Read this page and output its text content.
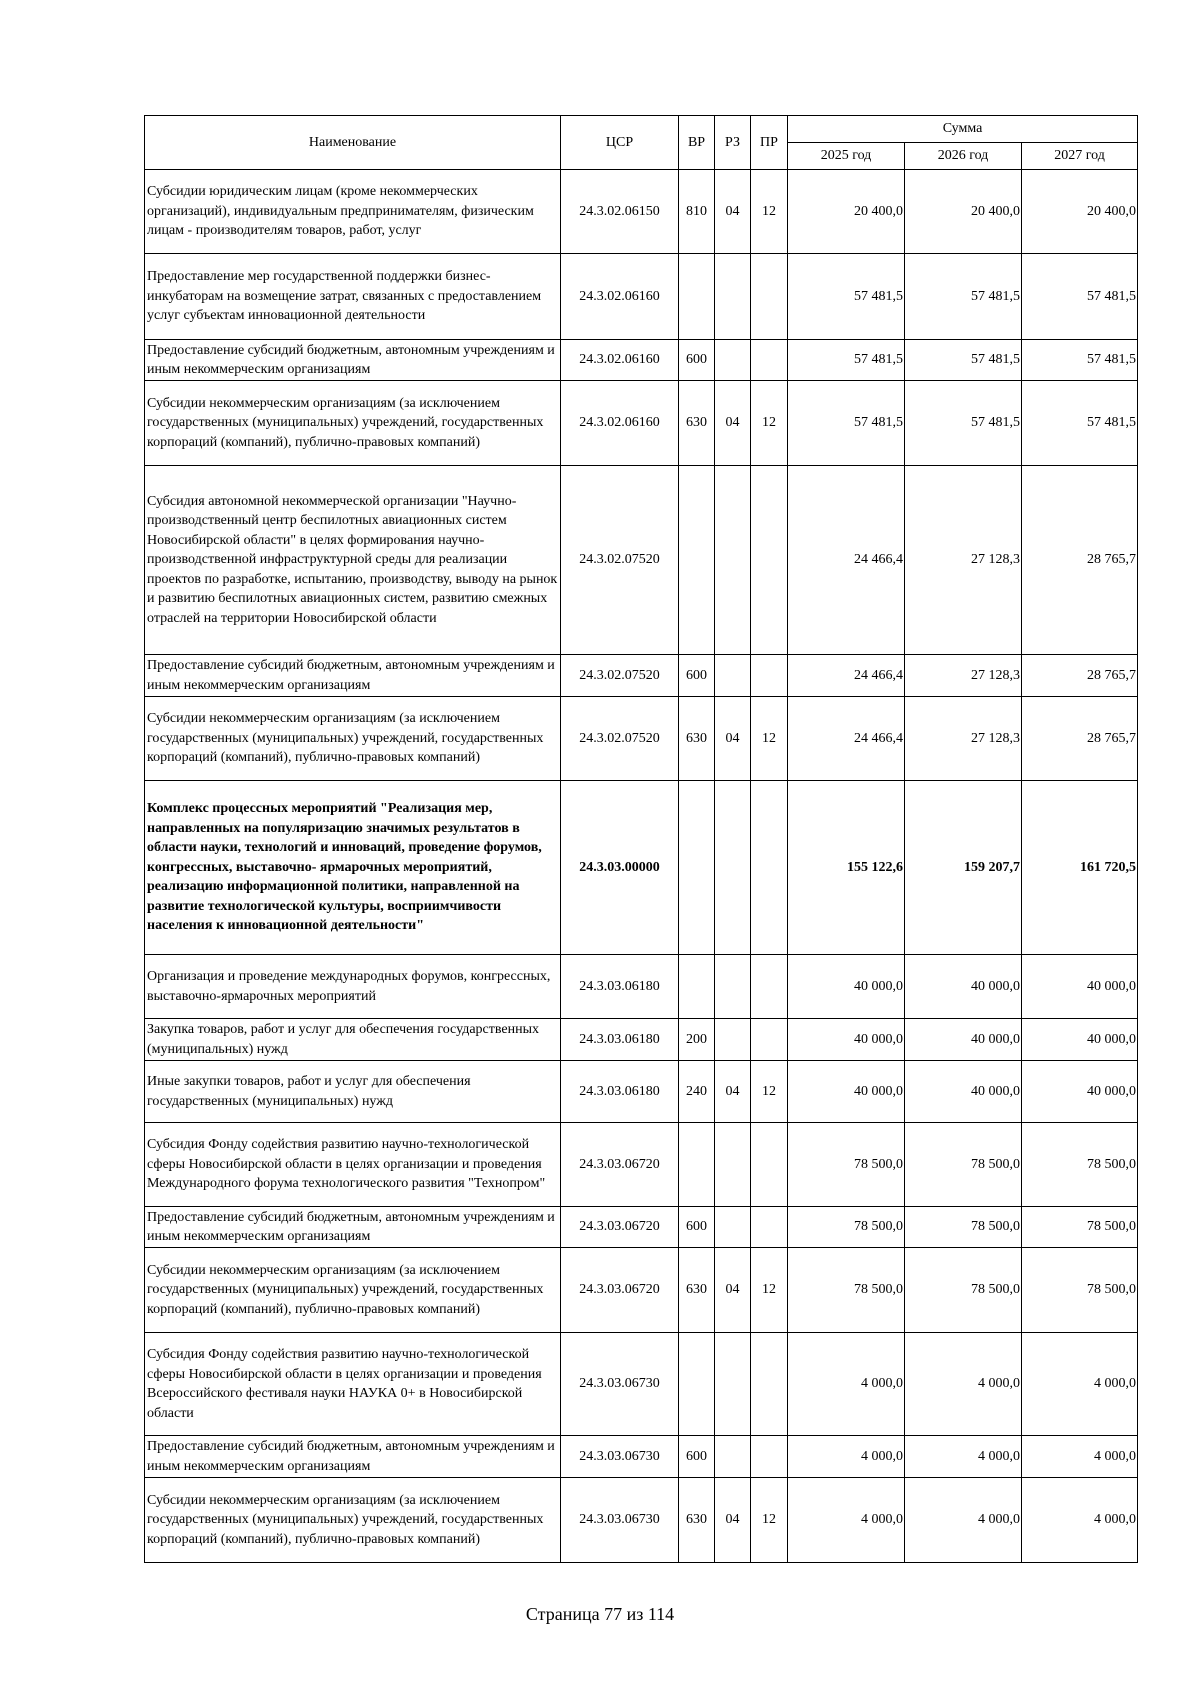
Наименование	ЦСР	ВР	РЗ	ПР	Сумма		
					2025 год	2026 год	2027 год
Субсидии юридическим лицам (кроме некоммерческих организаций), индивидуальным предпринимателям, физическим лицам - производителям товаров, работ, услуг	24.3.02.06150	810	04	12	20 400,0	20 400,0	20 400,0
Предоставление мер государственной поддержки бизнес-инкубаторам на возмещение затрат, связанных с предоставлением услуг субъектам инновационной деятельности	24.3.02.06160				57 481,5	57 481,5	57 481,5
Предоставление субсидий бюджетным, автономным учреждениям и иным некоммерческим организациям	24.3.02.06160	600			57 481,5	57 481,5	57 481,5
Субсидии некоммерческим организациям (за исключением государственных (муниципальных) учреждений, государственных корпораций (компаний), публично-правовых компаний)	24.3.02.06160	630	04	12	57 481,5	57 481,5	57 481,5
Субсидия автономной некоммерческой организации "Научно-производственный центр беспилотных авиационных систем Новосибирской области" в целях формирования научно-производственной инфраструктурной среды для реализации проектов по разработке, испытанию, производству, выводу на рынок и развитию беспилотных авиационных систем, развитию смежных отраслей на территории Новосибирской области	24.3.02.07520				24 466,4	27 128,3	28 765,7
Предоставление субсидий бюджетным, автономным учреждениям и иным некоммерческим организациям	24.3.02.07520	600			24 466,4	27 128,3	28 765,7
Субсидии некоммерческим организациям (за исключением государственных (муниципальных) учреждений, государственных корпораций (компаний), публично-правовых компаний)	24.3.02.07520	630	04	12	24 466,4	27 128,3	28 765,7
Комплекс процессных мероприятий "Реализация мер, направленных на популяризацию значимых результатов в области науки, технологий и инноваций, проведение форумов, конгрессных, выставочно- ярмарочных мероприятий, реализацию информационной политики, направленной на развитие технологической культуры, восприимчивости населения к инновационной деятельности"	24.3.03.00000				155 122,6	159 207,7	161 720,5
Организация и проведение международных форумов, конгрессных, выставочно-ярмарочных мероприятий	24.3.03.06180				40 000,0	40 000,0	40 000,0
Закупка товаров, работ и услуг для обеспечения государственных (муниципальных) нужд	24.3.03.06180	200			40 000,0	40 000,0	40 000,0
Иные закупки товаров, работ и услуг для обеспечения государственных (муниципальных) нужд	24.3.03.06180	240	04	12	40 000,0	40 000,0	40 000,0
Субсидия Фонду содействия развитию научно-технологической сферы Новосибирской области в целях организации и проведения Международного форума технологического развития "Технопром"	24.3.03.06720				78 500,0	78 500,0	78 500,0
Предоставление субсидий бюджетным, автономным учреждениям и иным некоммерческим организациям	24.3.03.06720	600			78 500,0	78 500,0	78 500,0
Субсидии некоммерческим организациям (за исключением государственных (муниципальных) учреждений, государственных корпораций (компаний), публично-правовых компаний)	24.3.03.06720	630	04	12	78 500,0	78 500,0	78 500,0
Субсидия Фонду содействия развитию научно-технологической сферы Новосибирской области в целях организации и проведения Всероссийского фестиваля науки НАУКА 0+ в Новосибирской области	24.3.03.06730				4 000,0	4 000,0	4 000,0
Предоставление субсидий бюджетным, автономным учреждениям и иным некоммерческим организациям	24.3.03.06730	600			4 000,0	4 000,0	4 000,0
Субсидии некоммерческим организациям (за исключением государственных (муниципальных) учреждений, государственных корпораций (компаний), публично-правовых компаний)	24.3.03.06730	630	04	12	4 000,0	4 000,0	4 000,0
Страница 77 из 114
